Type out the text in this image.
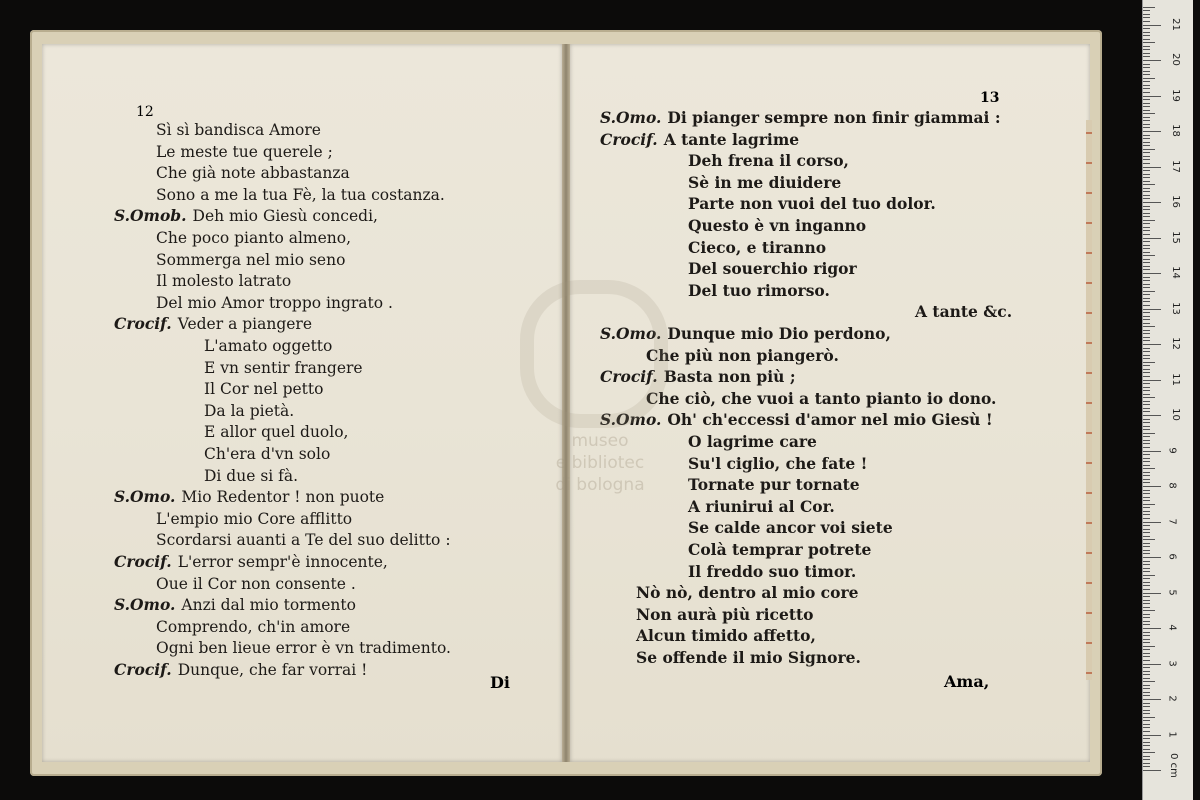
Sì sì bandisca Amore
Le meste tue querele ;
Che già note abbastanza
Sono a me la tua Fè, la tua costanza.
S.Omob. Deh mio Giesù concedi,
Che poco pianto almeno,
Sommerga nel mio seno
Il molesto latrato
Del mio Amor troppo ingrato .
Crocif. Veder a piangere
L'amato oggetto
E vn sentir frangere
Il Cor nel petto
Da la pietà.
E allor quel duolo,
Ch'era d'vn solo
Di due si fà.
S.Omo. Mio Redentor ! non puote
L'empio mio Core afflitto
Scordarsi auanti a Te del suo delitto :
Crocif. L'error sempr'è innocente,
Oue il Cor non consente .
S.Omo. Anzi dal mio tormento
Comprendo, ch'in amore
Ogni ben lieue error è vn tradimento.
Crocif. Dunque, che far vorrai !
S.Omo. Di pianger sempre non finir giammai :
Crocif. A tante lagrime
Deh frena il corso,
Sè in me diuidere
Parte non vuoi del tuo dolor.
Questo è vn inganno
Cieco, e tiranno
Del souerchio rigor
Del tuo rimorso.
A tante &c.
S.Omo. Dunque mio Dio perdono,
Che più non piangerò.
Crocif. Basta non più ;
Che ciò, che vuoi a tanto pianto io dono.
S.Omo. Oh' ch'eccessi d'amor nel mio Giesù !
O lagrime care
Su'l ciglio, che fate !
Tornate pur tornate
A riunirui al Cor.
Se calde ancor voi siete
Colà temprar potrete
Il freddo suo timor.
Nò nò, dentro al mio core
Non aurà più ricetto
Alcun timido affetto,
Se offende il mio Signore.
12
13
Di	Ama,
museo
e bibliotec
di bologna
0 cm
1
2
3
4
5
6
7
8
9
10
11
12
13
14
15
16
17
18
19
20
21
